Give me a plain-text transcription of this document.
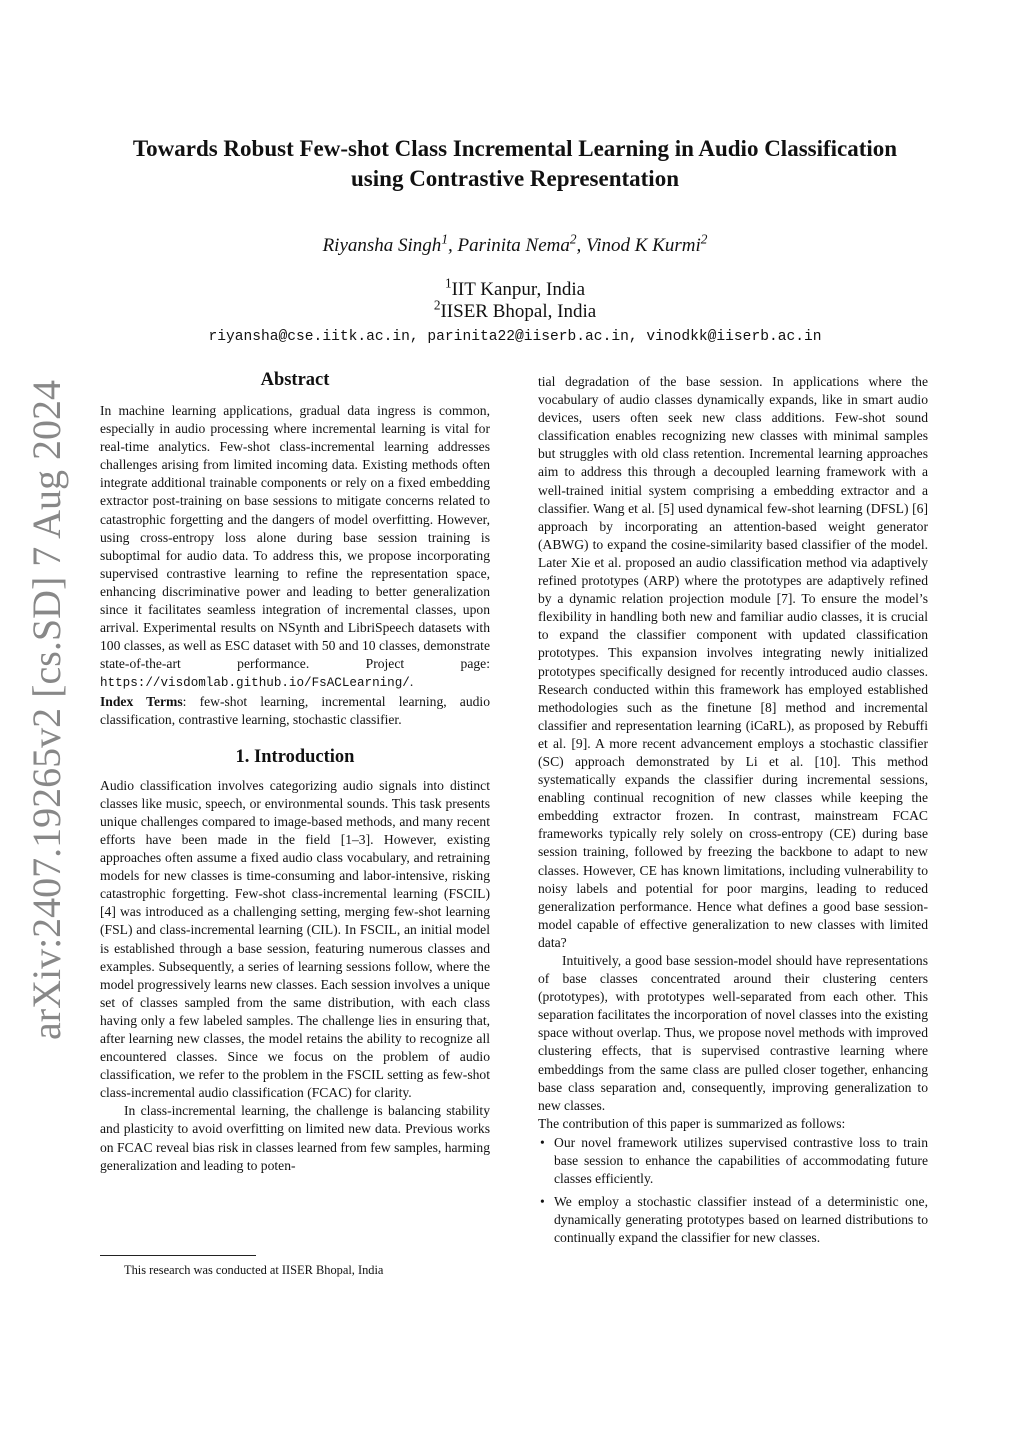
arXiv:2407.19265v2 [cs.SD] 7 Aug 2024
Towards Robust Few-shot Class Incremental Learning in Audio Classification
using Contrastive Representation
Riyansha Singh$^1$, Parinita Nema$^2$, Vinod K Kurmi$^2$
$^1$IIT Kanpur, India
$^2$IISER Bhopal, India
riyansha@cse.iitk.ac.in, parinita22@iiserb.ac.in, vinodkk@iiserb.ac.in
Abstract

In machine learning applications, gradual data ingress is common, especially in audio processing where incremental learning is vital for real-time analytics. Few-shot class-incremental learning addresses challenges arising from limited incoming data. Existing methods often integrate additional trainable components or rely on a fixed embedding extractor post-training on base sessions to mitigate concerns related to catastrophic forgetting and the dangers of model overfitting. However, using cross-entropy loss alone during base session training is suboptimal for audio data. To address this, we propose incorporating supervised contrastive learning to refine the representation space, enhancing discriminative power and leading to better generalization since it facilitates seamless integration of incremental classes, upon arrival. Experimental results on NSynth and LibriSpeech datasets with 100 classes, as well as ESC dataset with 50 and 10 classes, demonstrate state-of-the-art performance. Project page: https://visdomlab.github.io/FsACLearning/.

Index Terms: few-shot learning, incremental learning, audio classification, contrastive learning, stochastic classifier.

1. Introduction

Audio classification involves categorizing audio signals into distinct classes like music, speech, or environmental sounds. This task presents unique challenges compared to image-based methods, and many recent efforts have been made in the field [1–3]. However, existing approaches often assume a fixed audio class vocabulary, and retraining models for new classes is time-consuming and labor-intensive, risking catastrophic forgetting. Few-shot class-incremental learning (FSCIL) [4] was introduced as a challenging setting, merging few-shot learning (FSL) and class-incremental learning (CIL). In FSCIL, an initial model is established through a base session, featuring numerous classes and examples. Subsequently, a series of learning sessions follow, where the model progressively learns new classes. Each session involves a unique set of classes sampled from the same distribution, with each class having only a few labeled samples. The challenge lies in ensuring that, after learning new classes, the model retains the ability to recognize all encountered classes. Since we focus on the problem of audio classification, we refer to the problem in the FSCIL setting as few-shot class-incremental audio classification (FCAC) for clarity.

In class-incremental learning, the challenge is balancing stability and plasticity to avoid overfitting on limited new data. Previous works on FCAC reveal bias risk in classes learned from few samples, harming generalization and leading to poten-

tial degradation of the base session. In applications where the vocabulary of audio classes dynamically expands, like in smart audio devices, users often seek new class additions. Few-shot sound classification enables recognizing new classes with minimal samples but struggles with old class retention. Incremental learning approaches aim to address this through a decoupled learning framework with a well-trained initial system comprising a embedding extractor and a classifier. Wang et al. [5] used dynamical few-shot learning (DFSL) [6] approach by incorporating an attention-based weight generator (ABWG) to expand the cosine-similarity based classifier of the model. Later Xie et al. proposed an audio classification method via adaptively refined prototypes (ARP) where the prototypes are adaptively refined by a dynamic relation projection module [7]. To ensure the model’s flexibility in handling both new and familiar audio classes, it is crucial to expand the classifier component with updated classification prototypes. This expansion involves integrating newly initialized prototypes specifically designed for recently introduced audio classes. Research conducted within this framework has employed established methodologies such as the finetune [8] method and incremental classifier and representation learning (iCaRL), as proposed by Rebuffi et al. [9]. A more recent advancement employs a stochastic classifier (SC) approach demonstrated by Li et al. [10]. This method systematically expands the classifier during incremental sessions, enabling continual recognition of new classes while keeping the embedding extractor frozen. In contrast, mainstream FCAC frameworks typically rely solely on cross-entropy (CE) during base session training, followed by freezing the backbone to adapt to new classes. However, CE has known limitations, including vulnerability to noisy labels and potential for poor margins, leading to reduced generalization performance. Hence what defines a good base session-model capable of effective generalization to new classes with limited data?

Intuitively, a good base session-model should have representations of base classes concentrated around their clustering centers (prototypes), with prototypes well-separated from each other. This separation facilitates the incorporation of novel classes into the existing space without overlap. Thus, we propose novel methods with improved clustering effects, that is supervised contrastive learning where embeddings from the same class are pulled closer together, enhancing base class separation and, consequently, improving generalization to new classes.

The contribution of this paper is summarized as follows:

• Our novel framework utilizes supervised contrastive loss to train base session to enhance the capabilities of accommodating future classes efficiently.
• We employ a stochastic classifier instead of a deterministic one, dynamically generating prototypes based on learned distributions to continually expand the classifier for new classes.
This research was conducted at IISER Bhopal, India
